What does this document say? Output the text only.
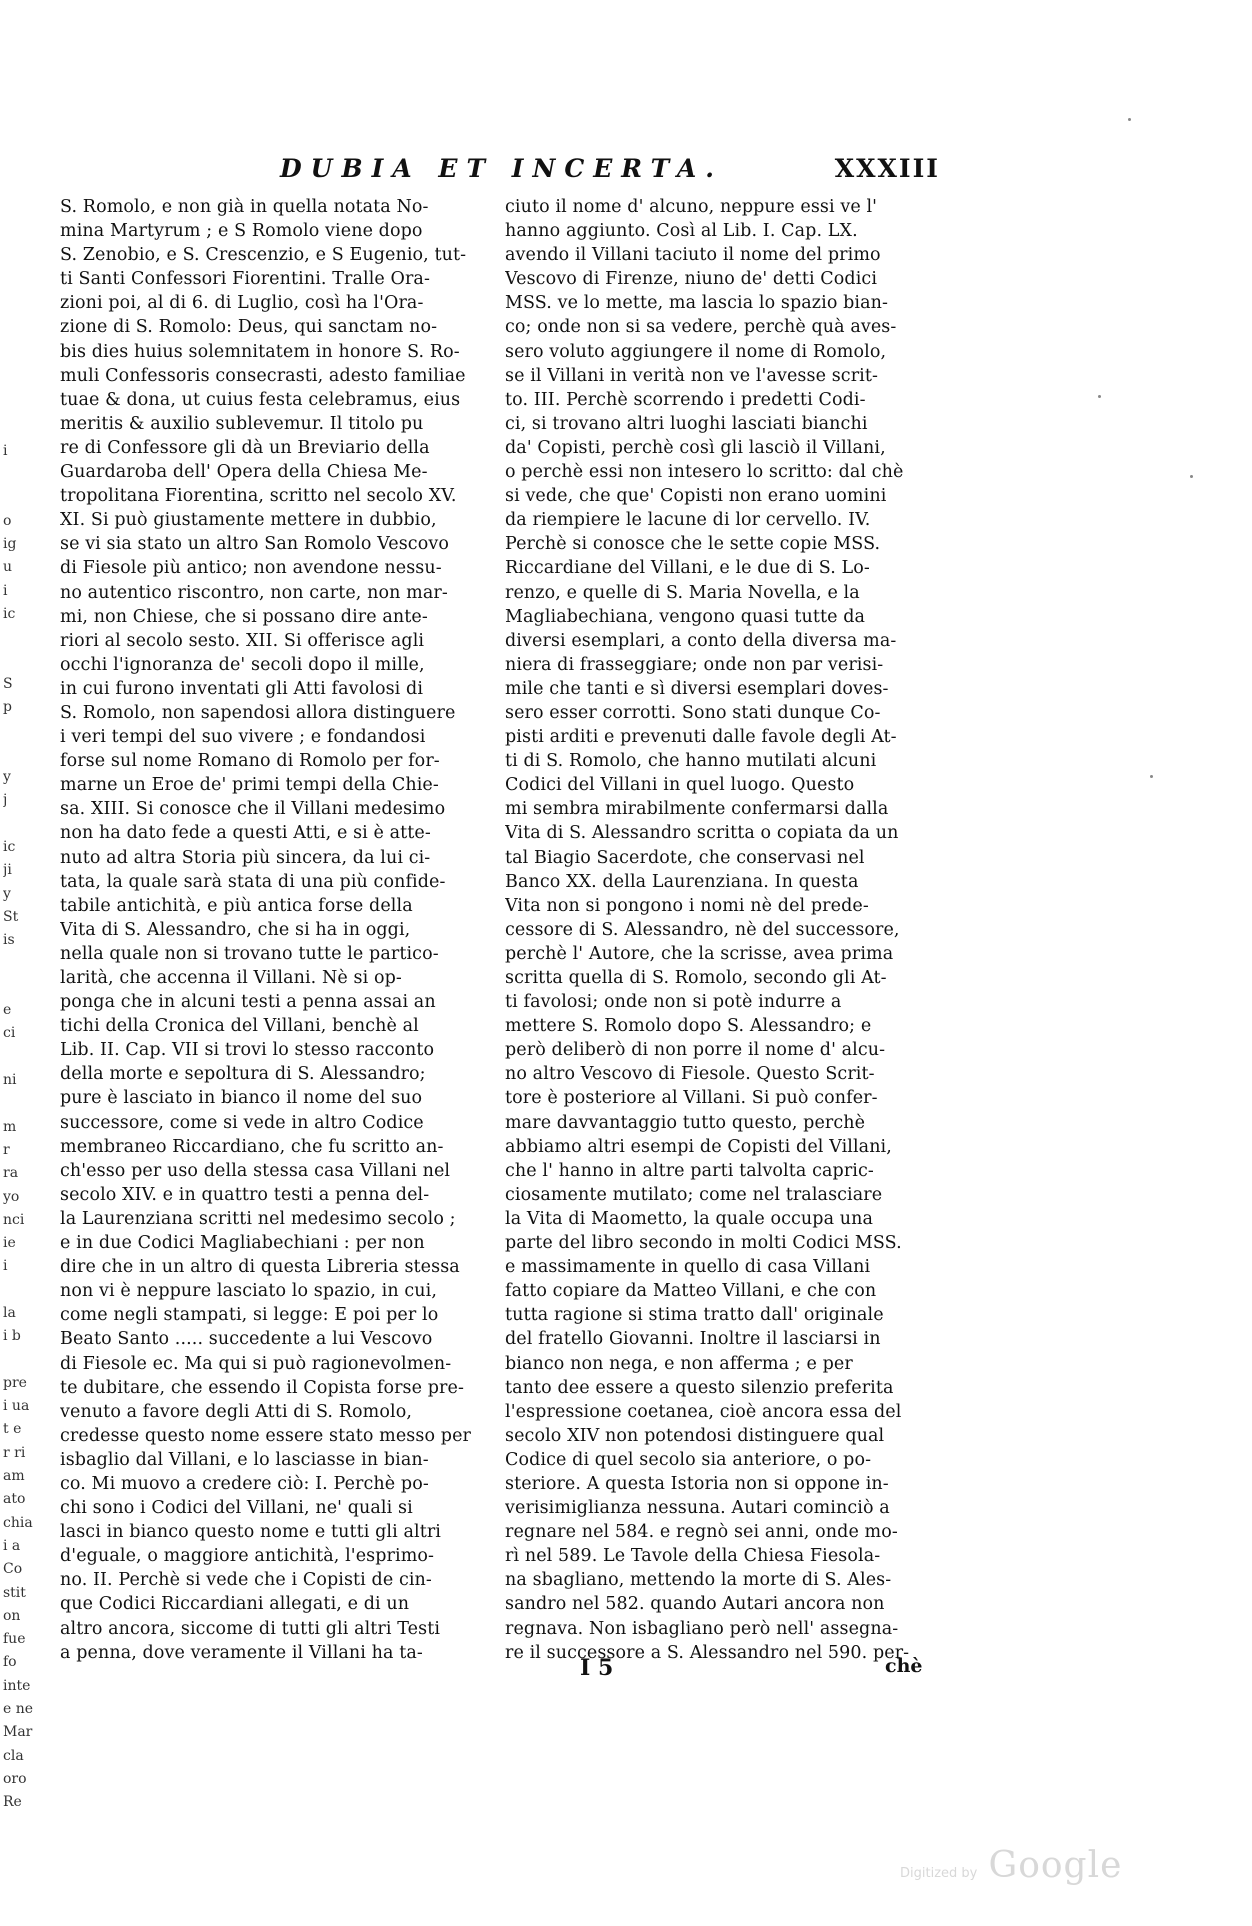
DUBIA ET INCERTA.	XXXIII
S. Romolo, e non già in quella notata No-
mina Martyrum ; e S Romolo viene dopo
S. Zenobio, e S. Crescenzio, e S Eugenio, tut-
ti Santi Confessori Fiorentini. Tralle Ora-
zioni poi, al di 6. di Luglio, così ha l'Ora-
zione di S. Romolo: Deus, qui sanctam no-
bis dies huius solemnitatem in honore S. Ro-
muli Confessoris consecrasti, adesto familiae
tuae & dona, ut cuius festa celebramus, eius
meritis & auxilio sublevemur. Il titolo pu
re di Confessore gli dà un Breviario della
Guardaroba dell' Opera della Chiesa Me-
tropolitana Fiorentina, scritto nel secolo XV.
XI. Si può giustamente mettere in dubbio,
se vi sia stato un altro San Romolo Vescovo
di Fiesole più antico; non avendone nessu-
no autentico riscontro, non carte, non mar-
mi, non Chiese, che si possano dire ante-
riori al secolo sesto. XII. Si offerisce agli
occhi l'ignoranza de' secoli dopo il mille,
in cui furono inventati gli Atti favolosi di
S. Romolo, non sapendosi allora distinguere
i veri tempi del suo vivere ; e fondandosi
forse sul nome Romano di Romolo per for-
marne un Eroe de' primi tempi della Chie-
sa. XIII. Si conosce che il Villani medesimo
non ha dato fede a questi Atti, e si è atte-
nuto ad altra Storia più sincera, da lui ci-
tata, la quale sarà stata di una più confide-
tabile antichità, e più antica forse della
Vita di S. Alessandro, che si ha in oggi,
nella quale non si trovano tutte le partico-
larità, che accenna il Villani. Nè si op-
ponga che in alcuni testi a penna assai an
tichi della Cronica del Villani, benchè al
Lib. II. Cap. VII si trovi lo stesso racconto
della morte e sepoltura di S. Alessandro;
pure è lasciato in bianco il nome del suo
successore, come si vede in altro Codice
membraneo Riccardiano, che fu scritto an-
ch'esso per uso della stessa casa Villani nel
secolo XIV. e in quattro testi a penna del-
la Laurenziana scritti nel medesimo secolo ;
e in due Codici Magliabechiani : per non
dire che in un altro di questa Libreria stessa
non vi è neppure lasciato lo spazio, in cui,
come negli stampati, si legge: E poi per lo
Beato Santo ..... succedente a lui Vescovo
di Fiesole ec. Ma qui si può ragionevolmen-
te dubitare, che essendo il Copista forse pre-
venuto a favore degli Atti di S. Romolo,
credesse questo nome essere stato messo per
isbaglio dal Villani, e lo lasciasse in bian-
co. Mi muovo a credere ciò: I. Perchè po-
chi sono i Codici del Villani, ne' quali si
lasci in bianco questo nome e tutti gli altri
d'eguale, o maggiore antichità, l'esprimo-
no. II. Perchè si vede che i Copisti de cin-
que Codici Riccardiani allegati, e di un
altro ancora, siccome di tutti gli altri Testi
a penna, dove veramente il Villani ha ta-
ciuto il nome d' alcuno, neppure essi ve l'
hanno aggiunto. Così al Lib. I. Cap. LX.
avendo il Villani taciuto il nome del primo
Vescovo di Firenze, niuno de' detti Codici
MSS. ve lo mette, ma lascia lo spazio bian-
co; onde non si sa vedere, perchè quà aves-
sero voluto aggiungere il nome di Romolo,
se il Villani in verità non ve l'avesse scrit-
to. III. Perchè scorrendo i predetti Codi-
ci, si trovano altri luoghi lasciati bianchi
da' Copisti, perchè così gli lasciò il Villani,
o perchè essi non intesero lo scritto: dal chè
si vede, che que' Copisti non erano uomini
da riempiere le lacune di lor cervello. IV.
Perchè si conosce che le sette copie MSS.
Riccardiane del Villani, e le due di S. Lo-
renzo, e quelle di S. Maria Novella, e la
Magliabechiana, vengono quasi tutte da
diversi esemplari, a conto della diversa ma-
niera di frasseggiare; onde non par verisi-
mile che tanti e sì diversi esemplari doves-
sero esser corrotti. Sono stati dunque Co-
pisti arditi e prevenuti dalle favole degli At-
ti di S. Romolo, che hanno mutilati alcuni
Codici del Villani in quel luogo. Questo
mi sembra mirabilmente confermarsi dalla
Vita di S. Alessandro scritta o copiata da un
tal Biagio Sacerdote, che conservasi nel
Banco XX. della Laurenziana. In questa
Vita non si pongono i nomi nè del prede-
cessore di S. Alessandro, nè del successore,
perchè l' Autore, che la scrisse, avea prima
scritta quella di S. Romolo, secondo gli At-
ti favolosi; onde non si potè indurre a
mettere S. Romolo dopo S. Alessandro; e
però deliberò di non porre il nome d' alcu-
no altro Vescovo di Fiesole. Questo Scrit-
tore è posteriore al Villani. Si può confer-
mare davvantaggio tutto questo, perchè
abbiamo altri esempi de Copisti del Villani,
che l' hanno in altre parti talvolta capric-
ciosamente mutilato; come nel tralasciare
la Vita di Maometto, la quale occupa una
parte del libro secondo in molti Codici MSS.
e massimamente in quello di casa Villani
fatto copiare da Matteo Villani, e che con
tutta ragione si stima tratto dall' originale
del fratello Giovanni. Inoltre il lasciarsi in
bianco non nega, e non afferma ; e per
tanto dee essere a questo silenzio preferita
l'espressione coetanea, cioè ancora essa del
secolo XIV non potendosi distinguere qual
Codice di quel secolo sia anteriore, o po-
steriore. A questa Istoria non si oppone in-
verisimiglianza nessuna. Autari cominciò a
regnare nel 584. e regnò sei anni, onde mo-
rì nel 589. Le Tavole della Chiesa Fiesola-
na sbagliano, mettendo la morte di S. Ales-
sandro nel 582. quando Autari ancora non
regnava. Non isbagliano però nell' assegna-
re il successore a S. Alessandro nel 590. per-
I 5	chè
i
o
ig
u
i
ic
S
p
y
j
ic
ji
y
St
is
e
ci
ni
m
r
ra
yo
nci
ie
i
la
i b
pre
i ua
t e
r ri
am
ato
chia
i a
Co
stit
on
fue
fo
inte
e ne
Mar
cla
oro
Re
Digitized by Google
